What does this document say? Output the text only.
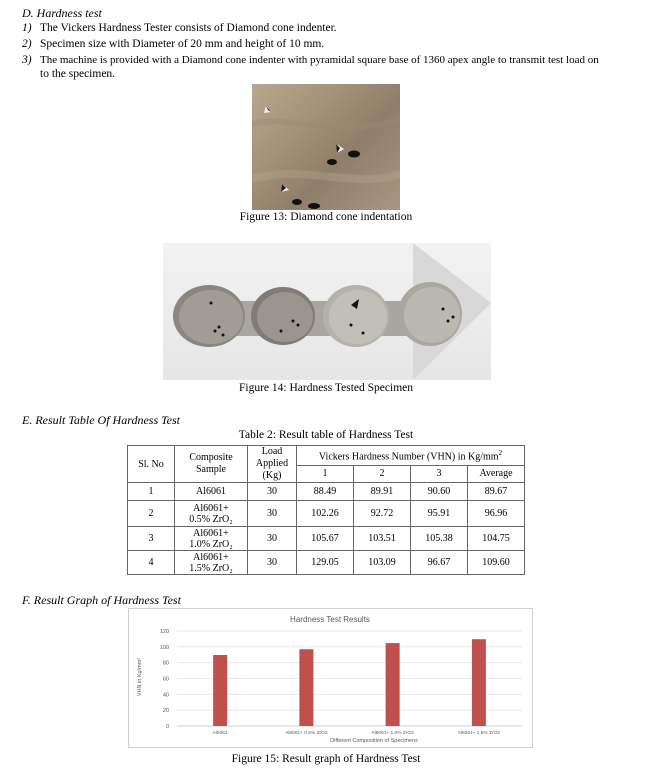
D. Hardness test
1) The Vickers Hardness Tester consists of Diamond cone indenter.
2) Specimen size with Diameter of 20 mm and height of 10 mm.
3) The machine is provided with a Diamond cone indenter with pyramidal square base of 1360 apex angle to transmit test load on
to the specimen.
Figure 13: Diamond cone indentation
Figure 14: Hardness Tested Specimen
E. Result Table Of Hardness Test
Table 2: Result table of Hardness Test
Sl. No	Composite Sample	Load Applied (Kg)	Vickers Hardness Number (VHN) in $Kg/mm^2$
			1	2	3	Average
1	Al6061	30	88.49	89.91	90.60	89.67
2	Al6061+
0.5% ZrO₂	30	102.26	92.72	95.91	96.96
3	Al6061+
1.0% ZrO₂	30	105.67	103.51	105.38	104.75
4	Al6061+
1.5% ZrO₂	30	129.05	103.09	96.67	109.60
F. Result Graph of Hardness Test
Hardness Test Results
0
20
40
60
80
100
120
Al6061	Al6061+ 0.5% ZrO2	Al6061+ 1.0% ZrO2	Al6061+ 1.5% ZrO2
Different Composition of Specimens
VHN in Kg/mm²
Figure 15: Result graph of Hardness Test
